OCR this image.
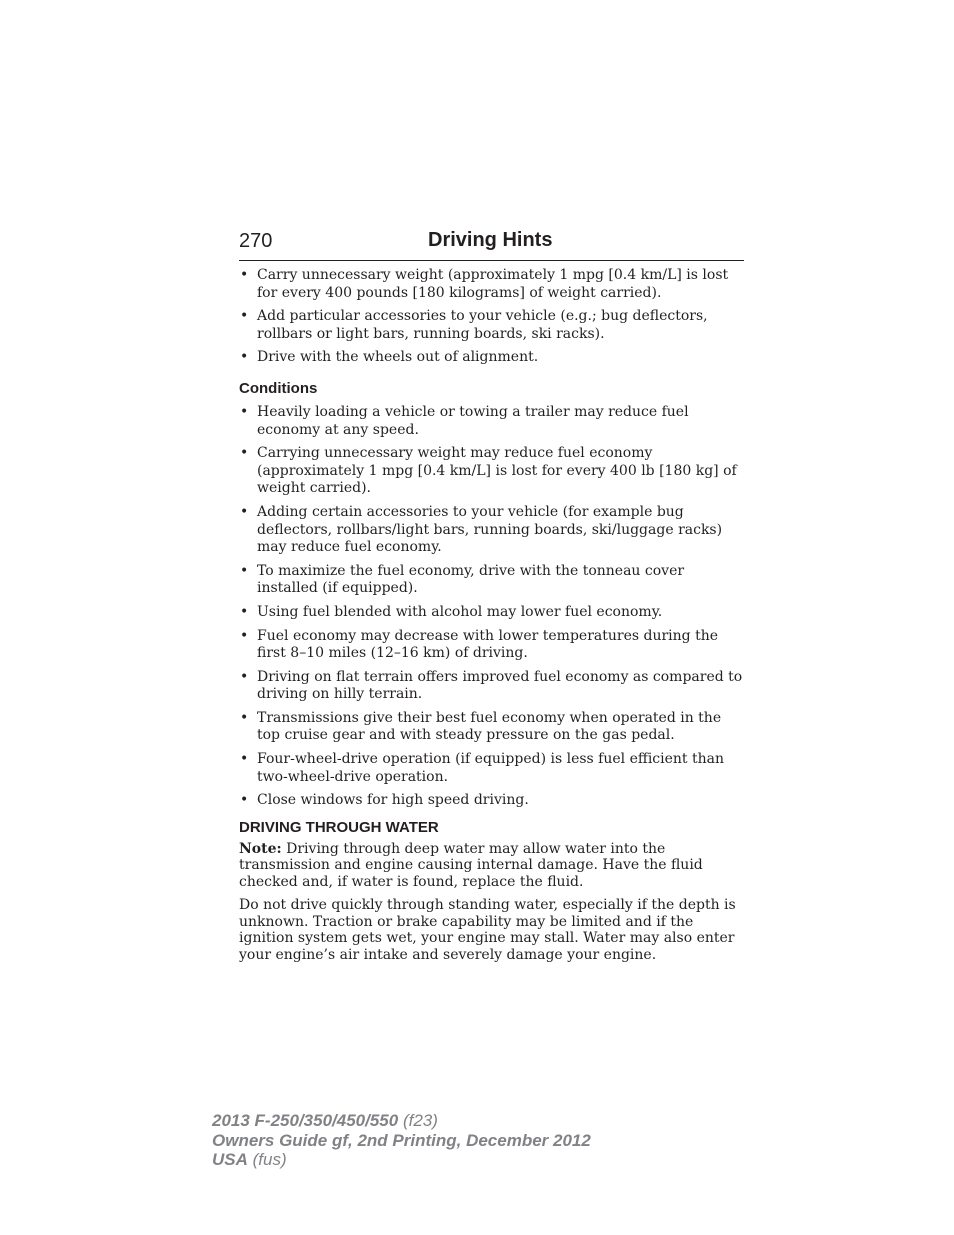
270	Driving Hints
• Carry unnecessary weight (approximately 1 mpg [0.4 km/L] is lost for every 400 pounds [180 kilograms] of weight carried).
• Add particular accessories to your vehicle (e.g.; bug deflectors, rollbars or light bars, running boards, ski racks).
• Drive with the wheels out of alignment.
Conditions
• Heavily loading a vehicle or towing a trailer may reduce fuel economy at any speed.
• Carrying unnecessary weight may reduce fuel economy (approximately 1 mpg [0.4 km/L] is lost for every 400 lb [180 kg] of weight carried).
• Adding certain accessories to your vehicle (for example bug deflectors, rollbars/light bars, running boards, ski/luggage racks) may reduce fuel economy.
• To maximize the fuel economy, drive with the tonneau cover installed (if equipped).
• Using fuel blended with alcohol may lower fuel economy.
• Fuel economy may decrease with lower temperatures during the first 8–10 miles (12–16 km) of driving.
• Driving on flat terrain offers improved fuel economy as compared to driving on hilly terrain.
• Transmissions give their best fuel economy when operated in the top cruise gear and with steady pressure on the gas pedal.
• Four-wheel-drive operation (if equipped) is less fuel efficient than two-wheel-drive operation.
• Close windows for high speed driving.
DRIVING THROUGH WATER

Note: Driving through deep water may allow water into the transmission and engine causing internal damage. Have the fluid checked and, if water is found, replace the fluid.

Do not drive quickly through standing water, especially if the depth is unknown. Traction or brake capability may be limited and if the ignition system gets wet, your engine may stall. Water may also enter your engine’s air intake and severely damage your engine.

2013 F-250/350/450/550 (f23)
Owners Guide gf, 2nd Printing, December 2012
USA (fus)
